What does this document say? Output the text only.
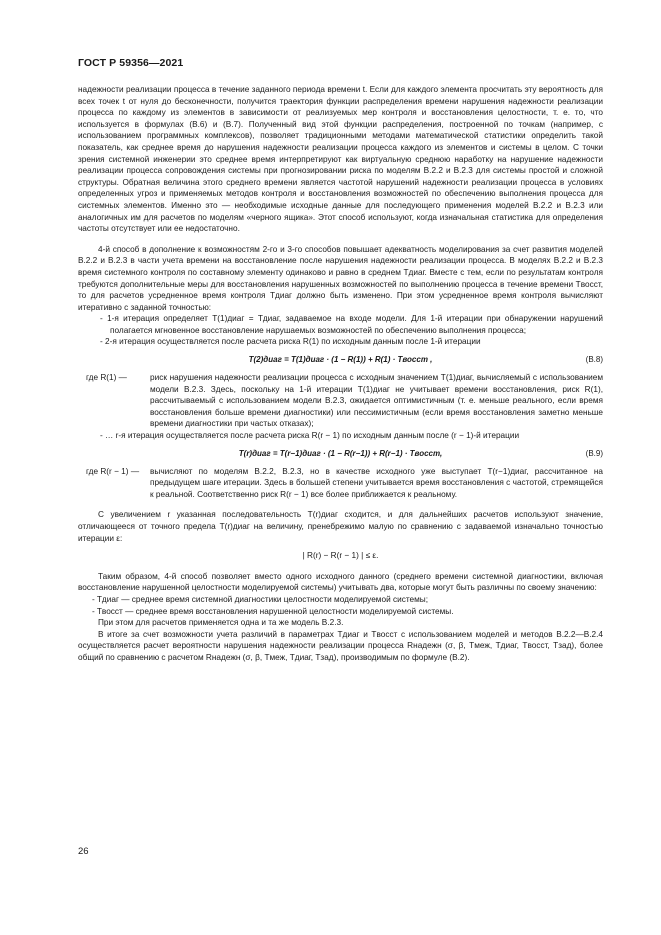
ГОСТ Р 59356—2021

надежности реализации процесса в течение заданного периода времени t. Если для каждого элемента просчитать эту вероятность для всех точек t от нуля до бесконечности, получится траектория функции распределения времени нарушения надежности реализации процесса по каждому из элементов в зависимости от реализуемых мер контроля и восстановления целостности, т. е. то, что используется в формулах (В.6) и (В.7). Полученный вид этой функции распределения, построенной по точкам (например, с использованием программных комплексов), позволяет традиционными методами математической статистики определить такой показатель, как среднее время до нарушения надежности реализации процесса каждого из элементов и системы в целом. С точки зрения системной инженерии это среднее время интерпретируют как виртуальную среднюю наработку на нарушение надежности реализации процесса сопровождения системы при прогнозировании риска по моделям В.2.2 и В.2.3 для системы простой и сложной структуры. Обратная величина этого среднего времени является частотой нарушений надежности реализации процесса в условиях определенных угроз и применяемых методов контроля и восстановления возможностей по обеспечению выполнения процесса для системных элементов. Именно это — необходимые исходные данные для последующего применения моделей В.2.2 и В.2.3 или аналогичных им для расчетов по моделям «черного ящика». Этот способ используют, когда изначальная статистика для определения частоты отсутствует или ее недостаточно.

4-й способ в дополнение к возможностям 2-го и 3-го способов повышает адекватность моделирования за счет развития моделей В.2.2 и В.2.3 в части учета времени на восстановление после нарушения надежности реализации процесса. В моделях В.2.2 и В.2.3 время системного контроля по составному элементу одинаково и равно в среднем Tдиаг. Вместе с тем, если по результатам контроля требуются дополнительные меры для восстановления нарушенных возможностей по выполнению процесса в течение времени Tвосст, то для расчетов усредненное время контроля Tдиаг должно быть изменено. При этом усредненное время контроля вычисляют итеративно с заданной точностью:

- 1-я итерация определяет T(1)диаг = Tдиаг, задаваемое на входе модели. Для 1-й итерации при обнаружении нарушений полагается мгновенное восстановление нарушаемых возможностей по обеспечению выполнения процесса;

- 2-я итерация осуществляется после расчета риска R(1) по исходным данным после 1-й итерации

T(2)диаг = T(1)диаг · (1 − R(1)) + R(1) · Tвосст ,	(В.8)
где R(1) —	риск нарушения надежности реализации процесса с исходным значением T(1)диаг, вычисляемый с использованием модели В.2.3. Здесь, поскольку на 1-й итерации T(1)диаг не учитывает времени восстановления, риск R(1), рассчитываемый с использованием модели В.2.3, ожидается оптимистичным (т. е. меньше реального, если время восстановления больше времени диагностики) или пессимистичным (если время восстановления заметно меньше времени диагностики при частых отказах);

- … r-я итерация осуществляется после расчета риска R(r − 1) по исходным данным после (r − 1)-й итерации

T(r)диаг = T(r−1)диаг · (1 − R(r−1)) + R(r−1) · Tвосст,	(В.9)
где R(r − 1) —	вычисляют по моделям В.2.2, В.2.3, но в качестве исходного уже выступает T(r−1)диаг, рассчитанное на предыдущем шаге итерации. Здесь в большей степени учитывается время восстановления с частотой, стремящейся к реальной. Соответственно риск R(r − 1) все более приближается к реальному.

С увеличением r указанная последовательность T(r)диаг сходится, и для дальнейших расчетов используют значение, отличающееся от точного предела T(r)диаг на величину, пренебрежимо малую по сравнению с задаваемой изначально точностью итерации ε:

| R(r) − R(r − 1) | ≤ ε.

Таким образом, 4-й способ позволяет вместо одного исходного данного (среднего времени системной диагностики, включая восстановление нарушенной целостности моделируемой системы) учитывать два, которые могут быть различны по своему значению:

- Tдиаг — среднее время системной диагностики целостности моделируемой системы;

- Tвосст — среднее время восстановления нарушенной целостности моделируемой системы.

При этом для расчетов применяется одна и та же модель В.2.3.

В итоге за счет возможности учета различий в параметрах Tдиаг и Tвосст с использованием моделей и методов В.2.2—В.2.4 осуществляется расчет вероятности нарушения надежности реализации процесса Rнадежн (σ, β, Tмеж, Tдиаг, Tвосст, Tзад), более общий по сравнению с расчетом Rнадежн (σ, β, Tмеж, Tдиаг, Tзад), производимым по формуле (В.2).

26
